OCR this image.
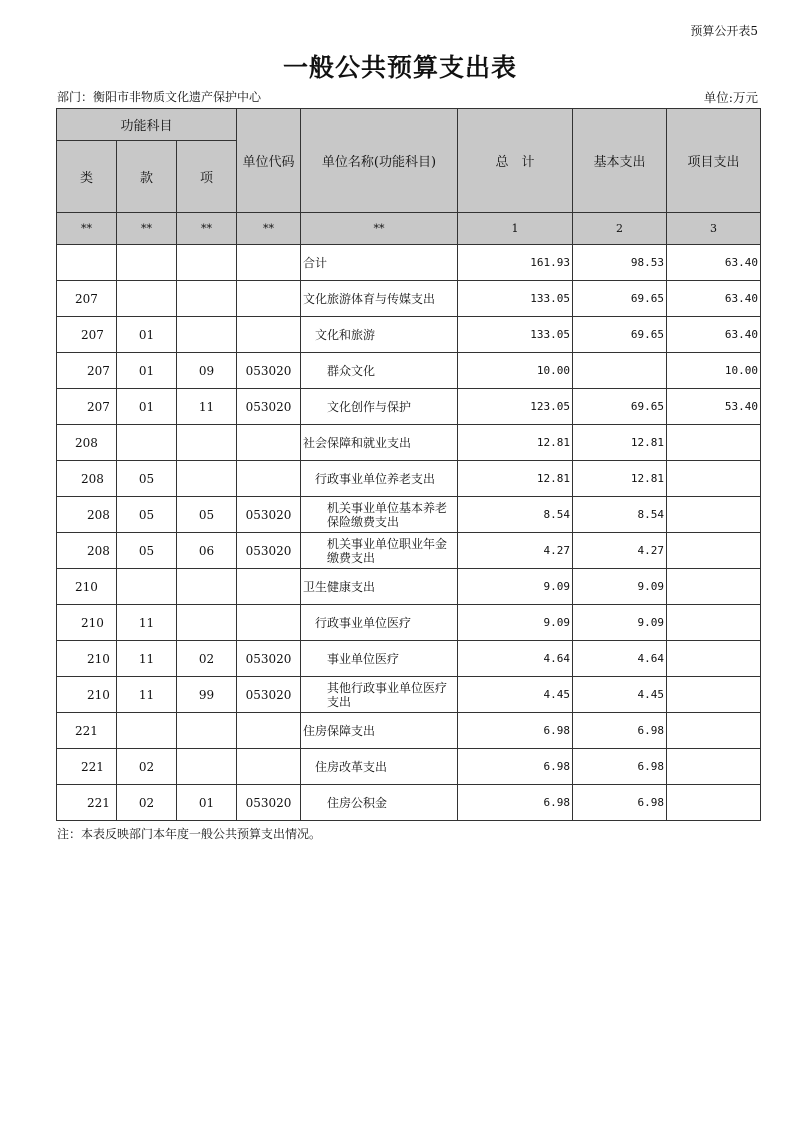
预算公开表5
一般公共预算支出表
部门：衡阳市非物质文化遗产保护中心	单位:万元
功能科目			单位代码	单位名称(功能科目)	总　计	基本支出	项目支出
类	款	项					
**	**	**	**	**	1	2	3
				合计	161.93	98.53	63.40
207				文化旅游体育与传媒支出	133.05	69.65	63.40
207	01			文化和旅游	133.05	69.65	63.40
207	01	09	053020	群众文化	10.00		10.00
207	01	11	053020	文化创作与保护	123.05	69.65	53.40
208				社会保障和就业支出	12.81	12.81	
208	05			行政事业单位养老支出	12.81	12.81	
208	05	05	053020	机关事业单位基本养老保险缴费支出	8.54	8.54	
208	05	06	053020	机关事业单位职业年金缴费支出	4.27	4.27	
210				卫生健康支出	9.09	9.09	
210	11			行政事业单位医疗	9.09	9.09	
210	11	02	053020	事业单位医疗	4.64	4.64	
210	11	99	053020	其他行政事业单位医疗支出	4.45	4.45	
221				住房保障支出	6.98	6.98	
221	02			住房改革支出	6.98	6.98	
221	02	01	053020	住房公积金	6.98	6.98	
注：本表反映部门本年度一般公共预算支出情况。
